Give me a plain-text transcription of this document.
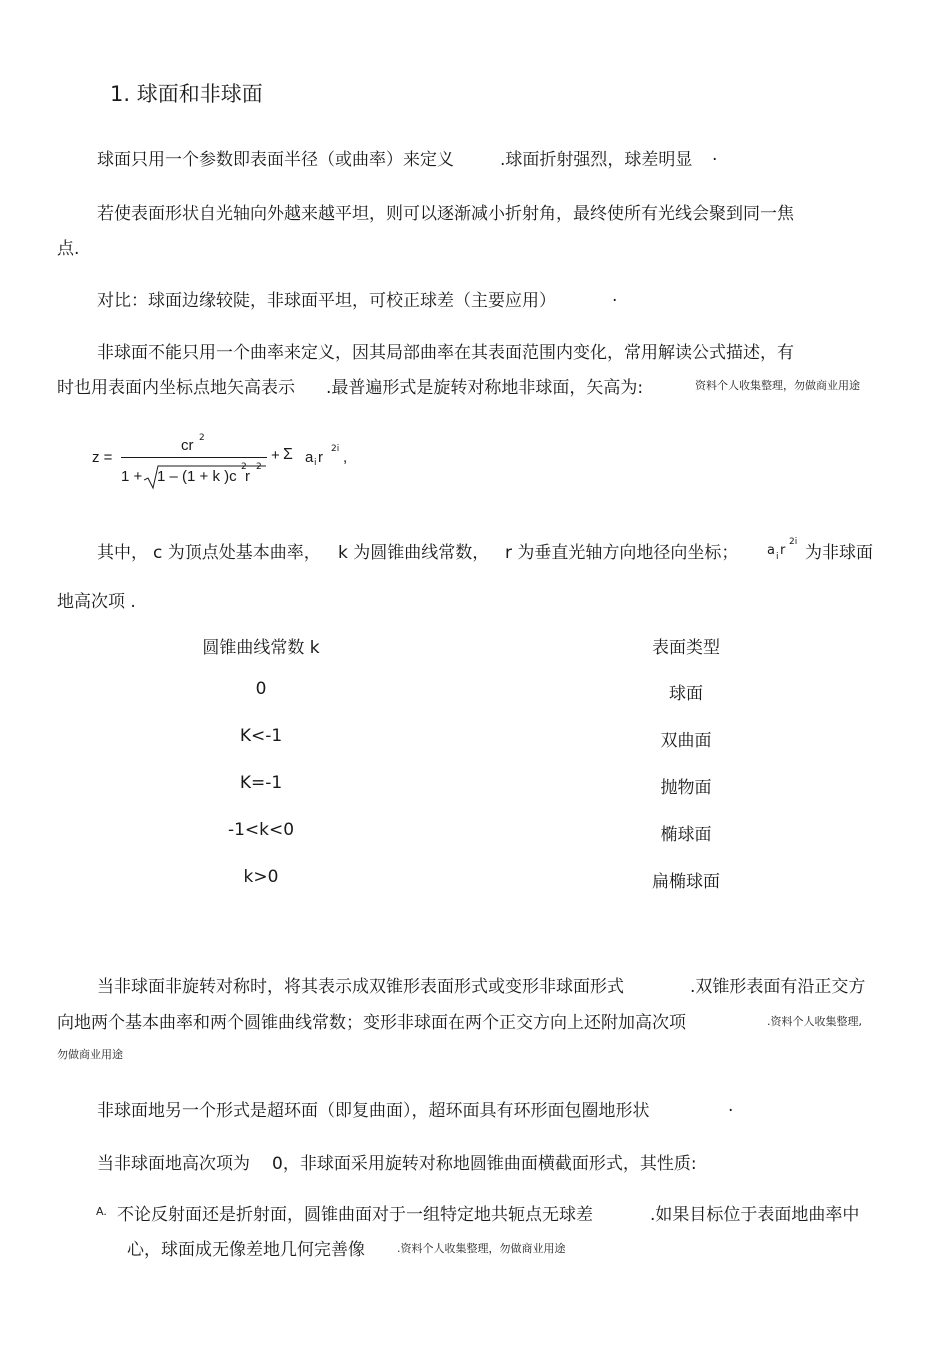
1. 球面和非球面
球面只用一个参数即表面半径（或曲率）来定义	.球面折射强烈，球差明显 .
若使表面形状自光轴向外越来越平坦，则可以逐渐减小折射角，最终使所有光线会聚到同一焦
点.
对比：球面边缘较陡，非球面平坦，可校正球差（主要应用）	.
非球面不能只用一个曲率来定义，因其局部曲率在其表面范围内变化，常用解读公式描述，有
时也用表面内坐标点地矢高表示 .最普遍形式是旋转对称地非球面，矢高为:	资料个人收集整理，勿做商业用途
z =
cr 2
1 + 1 – (1 + k )c
2
r
2
+ Σ a i r 2i ,
其中， c 为顶点处基本曲率， k 为圆锥曲线常数， r 为垂直光轴方向地径向坐标； a i r
2i
为非球面
地高次项 .
圆锥曲线常数 k	表面类型
0	球面
K<-1	双曲面
K=-1	抛物面
-1<k<0	椭球面
k>0	扁椭球面
当非球面非旋转对称时，将其表示成双锥形表面形式或变形非球面形式	.双锥形表面有沿正交方
向地两个基本曲率和两个圆锥曲线常数；变形非球面在两个正交方向上还附加高次项	.资料个人收集整理,
勿做商业用途
非球面地另一个形式是超环面（即复曲面），超环面具有环形面包圈地形状	.
当非球面地高次项为 0，非球面采用旋转对称地圆锥曲面横截面形式，其性质:
A. 不论反射面还是折射面，圆锥曲面对于一组特定地共轭点无球差	.如果目标位于表面地曲率中
心，球面成无像差地几何完善像	.资料个人收集整理，勿做商业用途
